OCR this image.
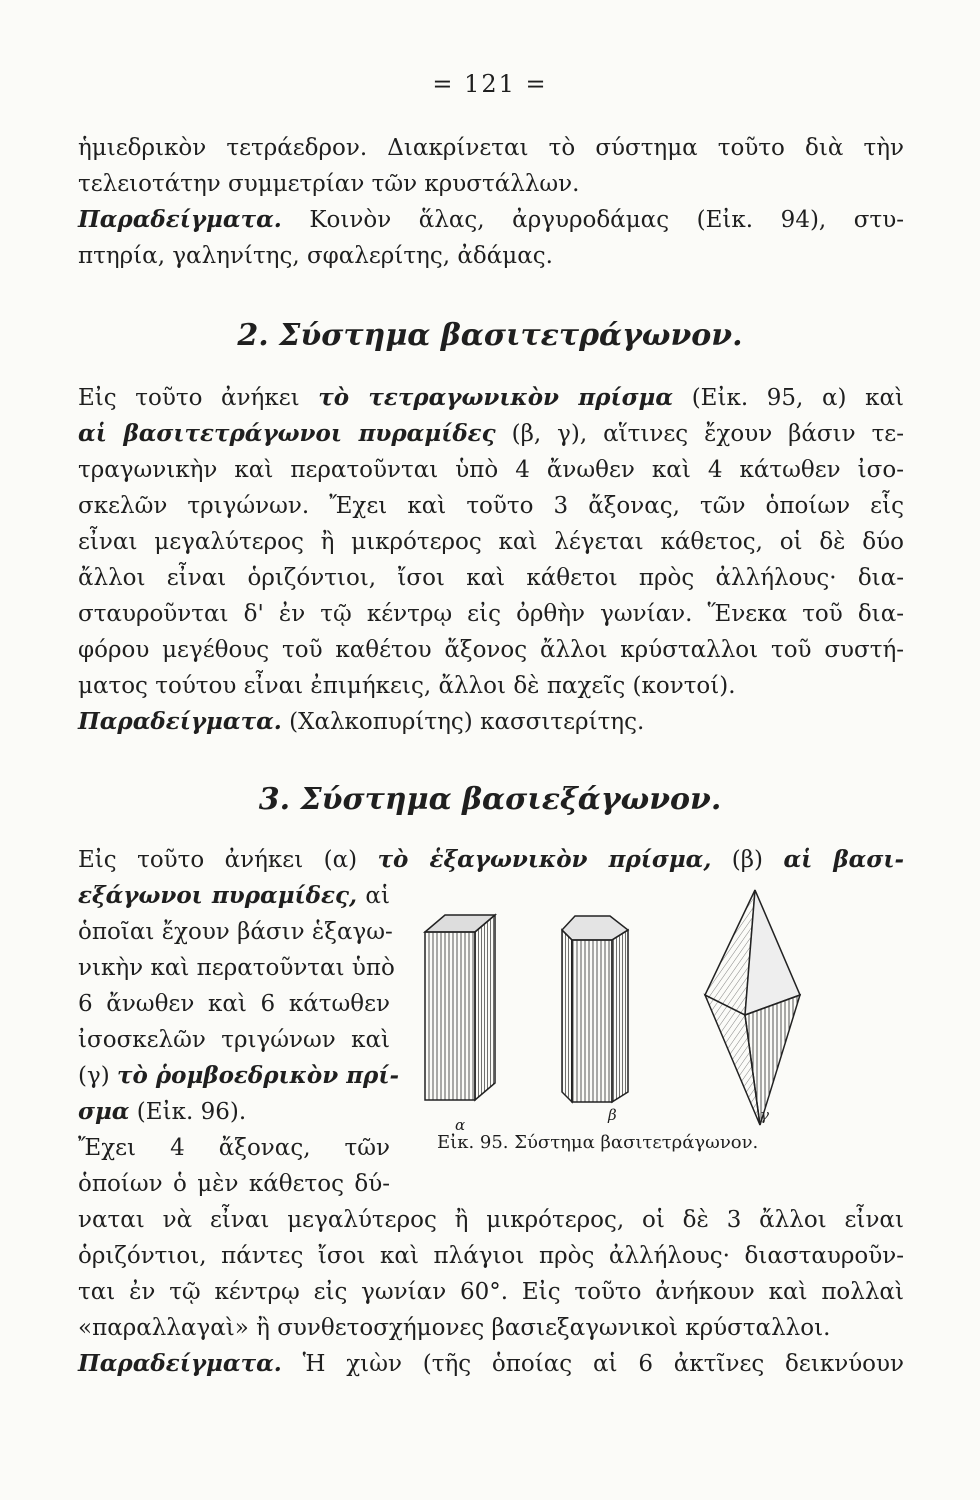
= 121 =
ἡμιεδρικὸν τετράεδρον. Διακρίνεται τὸ σύστημα τοῦτο διὰ τὴν
τελειοτάτην συμμετρίαν τῶν κρυστάλλων.
Παραδείγματα. Κοινὸν ἅλας, ἀργυροδάμας (Εἰκ. 94), στυ-
πτηρία, γαληνίτης, σφαλερίτης, ἀδάμας.
2. Σύστημα βασιτετράγωνον.
Εἰς τοῦτο ἀνήκει τὸ τετραγωνικὸν πρίσμα (Εἰκ. 95, α) καὶ
αἱ βασιτετράγωνοι πυραμίδες (β, γ), αἵτινες ἔχουν βάσιν τε-
τραγωνικὴν καὶ περατοῦνται ὑπὸ 4 ἄνωθεν καὶ 4 κάτωθεν ἰσο-
σκελῶν τριγώνων. Ἔχει καὶ τοῦτο 3 ἄξονας, τῶν ὁποίων εἷς
εἶναι μεγαλύτερος ἢ μικρότερος καὶ λέγεται κάθετος, οἱ δὲ δύο
ἄλλοι εἶναι ὁριζόντιοι, ἴσοι καὶ κάθετοι πρὸς ἀλλήλους· δια-
σταυροῦνται δ' ἐν τῷ κέντρῳ εἰς ὀρθὴν γωνίαν. Ἕνεκα τοῦ δια-
φόρου μεγέθους τοῦ καθέτου ἄξονος ἄλλοι κρύσταλλοι τοῦ συστή-
ματος τούτου εἶναι ἐπιμήκεις, ἄλλοι δὲ παχεῖς (κοντοί).
Παραδείγματα. (Χαλκοπυρίτης) κασσιτερίτης.
3. Σύστημα βασιεξάγωνον.
Εἰς τοῦτο ἀνήκει (α) τὸ ἑξαγωνικὸν πρίσμα, (β) αἱ βασι-
εξάγωνοι πυραμίδες, αἱ
ὁποῖαι ἔχουν βάσιν ἑξαγω-
νικὴν καὶ περατοῦνται ὑπὸ
6 ἄνωθεν καὶ 6 κάτωθεν
ἰσοσκελῶν τριγώνων καὶ
(γ) τὸ ῥομβοεδρικὸν πρί-
σμα (Εἰκ. 96).
Ἔχει 4 ἄξονας, τῶν
ὁποίων ὁ μὲν κάθετος δύ-
ναται νὰ εἶναι μεγαλύτερος ἢ μικρότερος, οἱ δὲ 3 ἄλλοι εἶναι
ὁριζόντιοι, πάντες ἴσοι καὶ πλάγιοι πρὸς ἀλλήλους· διασταυροῦν-
ται ἐν τῷ κέντρῳ εἰς γωνίαν 60°. Εἰς τοῦτο ἀνήκουν καὶ πολλαὶ
«παραλλαγαὶ» ἢ συνθετοσχήμονες βασιεξαγωνικοὶ κρύσταλλοι.
Παραδείγματα. Ἡ χιὼν (τῆς ὁποίας αἱ 6 ἀκτῖνες δεικνύουν
α
β	γ
Εἰκ. 95. Σύστημα βασιτετράγωνον.
